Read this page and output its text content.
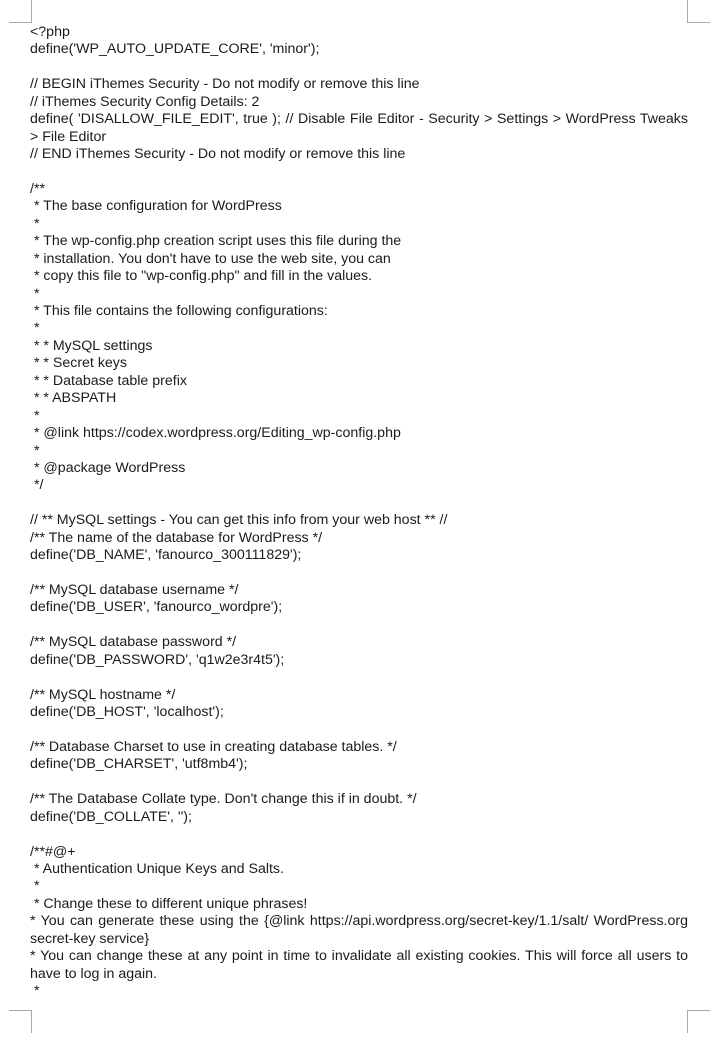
<?php
define('WP_AUTO_UPDATE_CORE', 'minor');
// BEGIN iThemes Security - Do not modify or remove this line
// iThemes Security Config Details: 2
define( 'DISALLOW_FILE_EDIT', true ); // Disable File Editor - Security > Settings > WordPress Tweaks > File Editor
// END iThemes Security - Do not modify or remove this line
/**
* The base configuration for WordPress
*
* The wp-config.php creation script uses this file during the
* installation. You don't have to use the web site, you can
* copy this file to "wp-config.php" and fill in the values.
*
* This file contains the following configurations:
*
* * MySQL settings
* * Secret keys
* * Database table prefix
* * ABSPATH
*
* @link https://codex.wordpress.org/Editing_wp-config.php
*
* @package WordPress
*/
// ** MySQL settings - You can get this info from your web host ** //
/** The name of the database for WordPress */
define('DB_NAME', 'fanourco_300111829');
/** MySQL database username */
define('DB_USER', 'fanourco_wordpre');
/** MySQL database password */
define('DB_PASSWORD', 'q1w2e3r4t5');
/** MySQL hostname */
define('DB_HOST', 'localhost');
/** Database Charset to use in creating database tables. */
define('DB_CHARSET', 'utf8mb4');
/** The Database Collate type. Don't change this if in doubt. */
define('DB_COLLATE', '');
/**#@+
* Authentication Unique Keys and Salts.
*
* Change these to different unique phrases!
* You can generate these using the {@link https://api.wordpress.org/secret-key/1.1/salt/ WordPress.org secret-key service}
* You can change these at any point in time to invalidate all existing cookies. This will force all users to have to log in again.
*
